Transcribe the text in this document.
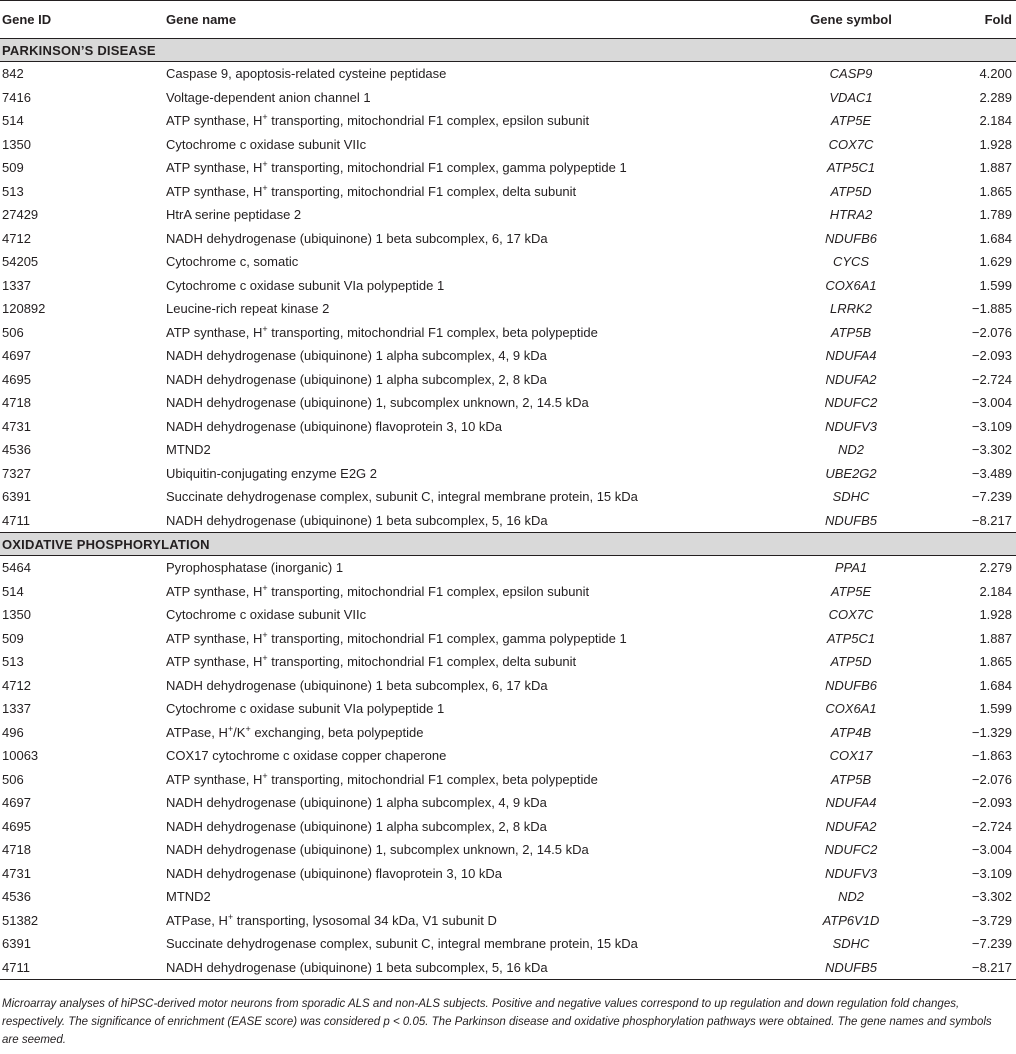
Gene ID	Gene name	Gene symbol	Fold
PARKINSON’S DISEASE			
842	Caspase 9, apoptosis-related cysteine peptidase	CASP9	4.200
7416	Voltage-dependent anion channel 1	VDAC1	2.289
514	ATP synthase, H+ transporting, mitochondrial F1 complex, epsilon subunit	ATP5E	2.184
1350	Cytochrome c oxidase subunit VIIc	COX7C	1.928
509	ATP synthase, H+ transporting, mitochondrial F1 complex, gamma polypeptide 1	ATP5C1	1.887
513	ATP synthase, H+ transporting, mitochondrial F1 complex, delta subunit	ATP5D	1.865
27429	HtrA serine peptidase 2	HTRA2	1.789
4712	NADH dehydrogenase (ubiquinone) 1 beta subcomplex, 6, 17 kDa	NDUFB6	1.684
54205	Cytochrome c, somatic	CYCS	1.629
1337	Cytochrome c oxidase subunit VIa polypeptide 1	COX6A1	1.599
120892	Leucine-rich repeat kinase 2	LRRK2	−1.885
506	ATP synthase, H+ transporting, mitochondrial F1 complex, beta polypeptide	ATP5B	−2.076
4697	NADH dehydrogenase (ubiquinone) 1 alpha subcomplex, 4, 9 kDa	NDUFA4	−2.093
4695	NADH dehydrogenase (ubiquinone) 1 alpha subcomplex, 2, 8 kDa	NDUFA2	−2.724
4718	NADH dehydrogenase (ubiquinone) 1, subcomplex unknown, 2, 14.5 kDa	NDUFC2	−3.004
4731	NADH dehydrogenase (ubiquinone) flavoprotein 3, 10 kDa	NDUFV3	−3.109
4536	MTND2	ND2	−3.302
7327	Ubiquitin-conjugating enzyme E2G 2	UBE2G2	−3.489
6391	Succinate dehydrogenase complex, subunit C, integral membrane protein, 15 kDa	SDHC	−7.239
4711	NADH dehydrogenase (ubiquinone) 1 beta subcomplex, 5, 16 kDa	NDUFB5	−8.217
OXIDATIVE PHOSPHORYLATION			
5464	Pyrophosphatase (inorganic) 1	PPA1	2.279
514	ATP synthase, H+ transporting, mitochondrial F1 complex, epsilon subunit	ATP5E	2.184
1350	Cytochrome c oxidase subunit VIIc	COX7C	1.928
509	ATP synthase, H+ transporting, mitochondrial F1 complex, gamma polypeptide 1	ATP5C1	1.887
513	ATP synthase, H+ transporting, mitochondrial F1 complex, delta subunit	ATP5D	1.865
4712	NADH dehydrogenase (ubiquinone) 1 beta subcomplex, 6, 17 kDa	NDUFB6	1.684
1337	Cytochrome c oxidase subunit VIa polypeptide 1	COX6A1	1.599
496	ATPase, H+/K+ exchanging, beta polypeptide	ATP4B	−1.329
10063	COX17 cytochrome c oxidase copper chaperone	COX17	−1.863
506	ATP synthase, H+ transporting, mitochondrial F1 complex, beta polypeptide	ATP5B	−2.076
4697	NADH dehydrogenase (ubiquinone) 1 alpha subcomplex, 4, 9 kDa	NDUFA4	−2.093
4695	NADH dehydrogenase (ubiquinone) 1 alpha subcomplex, 2, 8 kDa	NDUFA2	−2.724
4718	NADH dehydrogenase (ubiquinone) 1, subcomplex unknown, 2, 14.5 kDa	NDUFC2	−3.004
4731	NADH dehydrogenase (ubiquinone) flavoprotein 3, 10 kDa	NDUFV3	−3.109
4536	MTND2	ND2	−3.302
51382	ATPase, H+ transporting, lysosomal 34 kDa, V1 subunit D	ATP6V1D	−3.729
6391	Succinate dehydrogenase complex, subunit C, integral membrane protein, 15 kDa	SDHC	−7.239
4711	NADH dehydrogenase (ubiquinone) 1 beta subcomplex, 5, 16 kDa	NDUFB5	−8.217
Microarray analyses of hiPSC-derived motor neurons from sporadic ALS and non-ALS subjects. Positive and negative values correspond to up regulation and down regulation fold changes, respectively. The significance of enrichment (EASE score) was considered p < 0.05. The Parkinson disease and oxidative phosphorylation pathways were obtained. The gene names and symbols are seemed.
